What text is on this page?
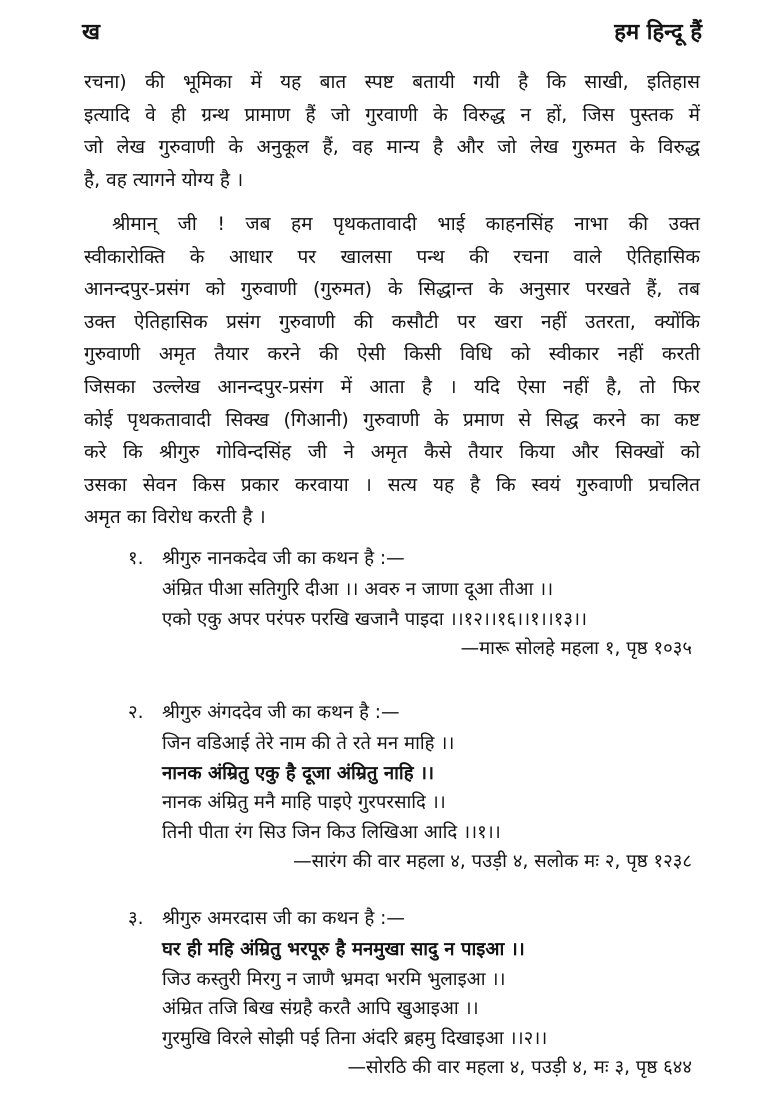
ख	हम हिन्दू हैं
रचना) की भूमिका में यह बात स्पष्ट बतायी गयी है कि साखी, इतिहास
इत्यादि वे ही ग्रन्थ प्रामाण हैं जो गुरवाणी के विरुद्ध न हों, जिस पुस्तक में
जो लेख गुरुवाणी के अनुकूल हैं, वह मान्य है और जो लेख गुरुमत के विरुद्ध
है, वह त्यागने योग्य है ।
श्रीमान् जी ! जब हम पृथकतावादी भाई काहनसिंह नाभा की उक्त
स्वीकारोक्ति के आधार पर खालसा पन्थ की रचना वाले ऐतिहासिक
आनन्दपुर-प्रसंग को गुरुवाणी (गुरुमत) के सिद्धान्त के अनुसार परखते हैं, तब
उक्त ऐतिहासिक प्रसंग गुरुवाणी की कसौटी पर खरा नहीं उतरता, क्योंकि
गुरुवाणी अमृत तैयार करने की ऐसी किसी विधि को स्वीकार नहीं करती
जिसका उल्लेख आनन्दपुर-प्रसंग में आता है । यदि ऐसा नहीं है, तो फिर
कोई पृथकतावादी सिक्ख (गिआनी) गुरुवाणी के प्रमाण से सिद्ध करने का कष्ट
करे कि श्रीगुरु गोविन्दसिंह जी ने अमृत कैसे तैयार किया और सिक्खों को
उसका सेवन किस प्रकार करवाया । सत्य यह है कि स्वयं गुरुवाणी प्रचलित
अमृत का विरोध करती है ।
१. श्रीगुरु नानकदेव जी का कथन है :—
अंम्रित पीआ सतिगुरि दीआ ।। अवरु न जाणा दूआ तीआ ।।
एको एकु अपर परंपरु परखि खजानै पाइदा ।।१२।।१६।।१।।१३।।
—मारू सोलहे महला १, पृष्ठ १०३५
२. श्रीगुरु अंगददेव जी का कथन है :—
जिन वडिआई तेरे नाम की ते रते मन माहि ।।
नानक अंम्रितु एकु है दूजा अंम्रितु नाहि ।।
नानक अंम्रितु मनै माहि पाइऐ गुरपरसादि ।।
तिनी पीता रंग सिउ जिन किउ लिखिआ आदि ।।१।।
—सारंग की वार महला ४, पउड़ी ४, सलोक मः २, पृष्ठ १२३८
३. श्रीगुरु अमरदास जी का कथन है :—
घर ही महि अंम्रितु भरपूरु है मनमुखा सादु न पाइआ ।।
जिउ कस्तुरी मिरगु न जाणै भ्रमदा भरमि भुलाइआ ।।
अंम्रित तजि बिख संग्रहै करतै आपि खुआइआ ।।
गुरमुखि विरले सोझी पई तिना अंदरि ब्रहमु दिखाइआ ।।२।।
—सोरठि की वार महला ४, पउड़ी ४, मः ३, पृष्ठ ६४४
